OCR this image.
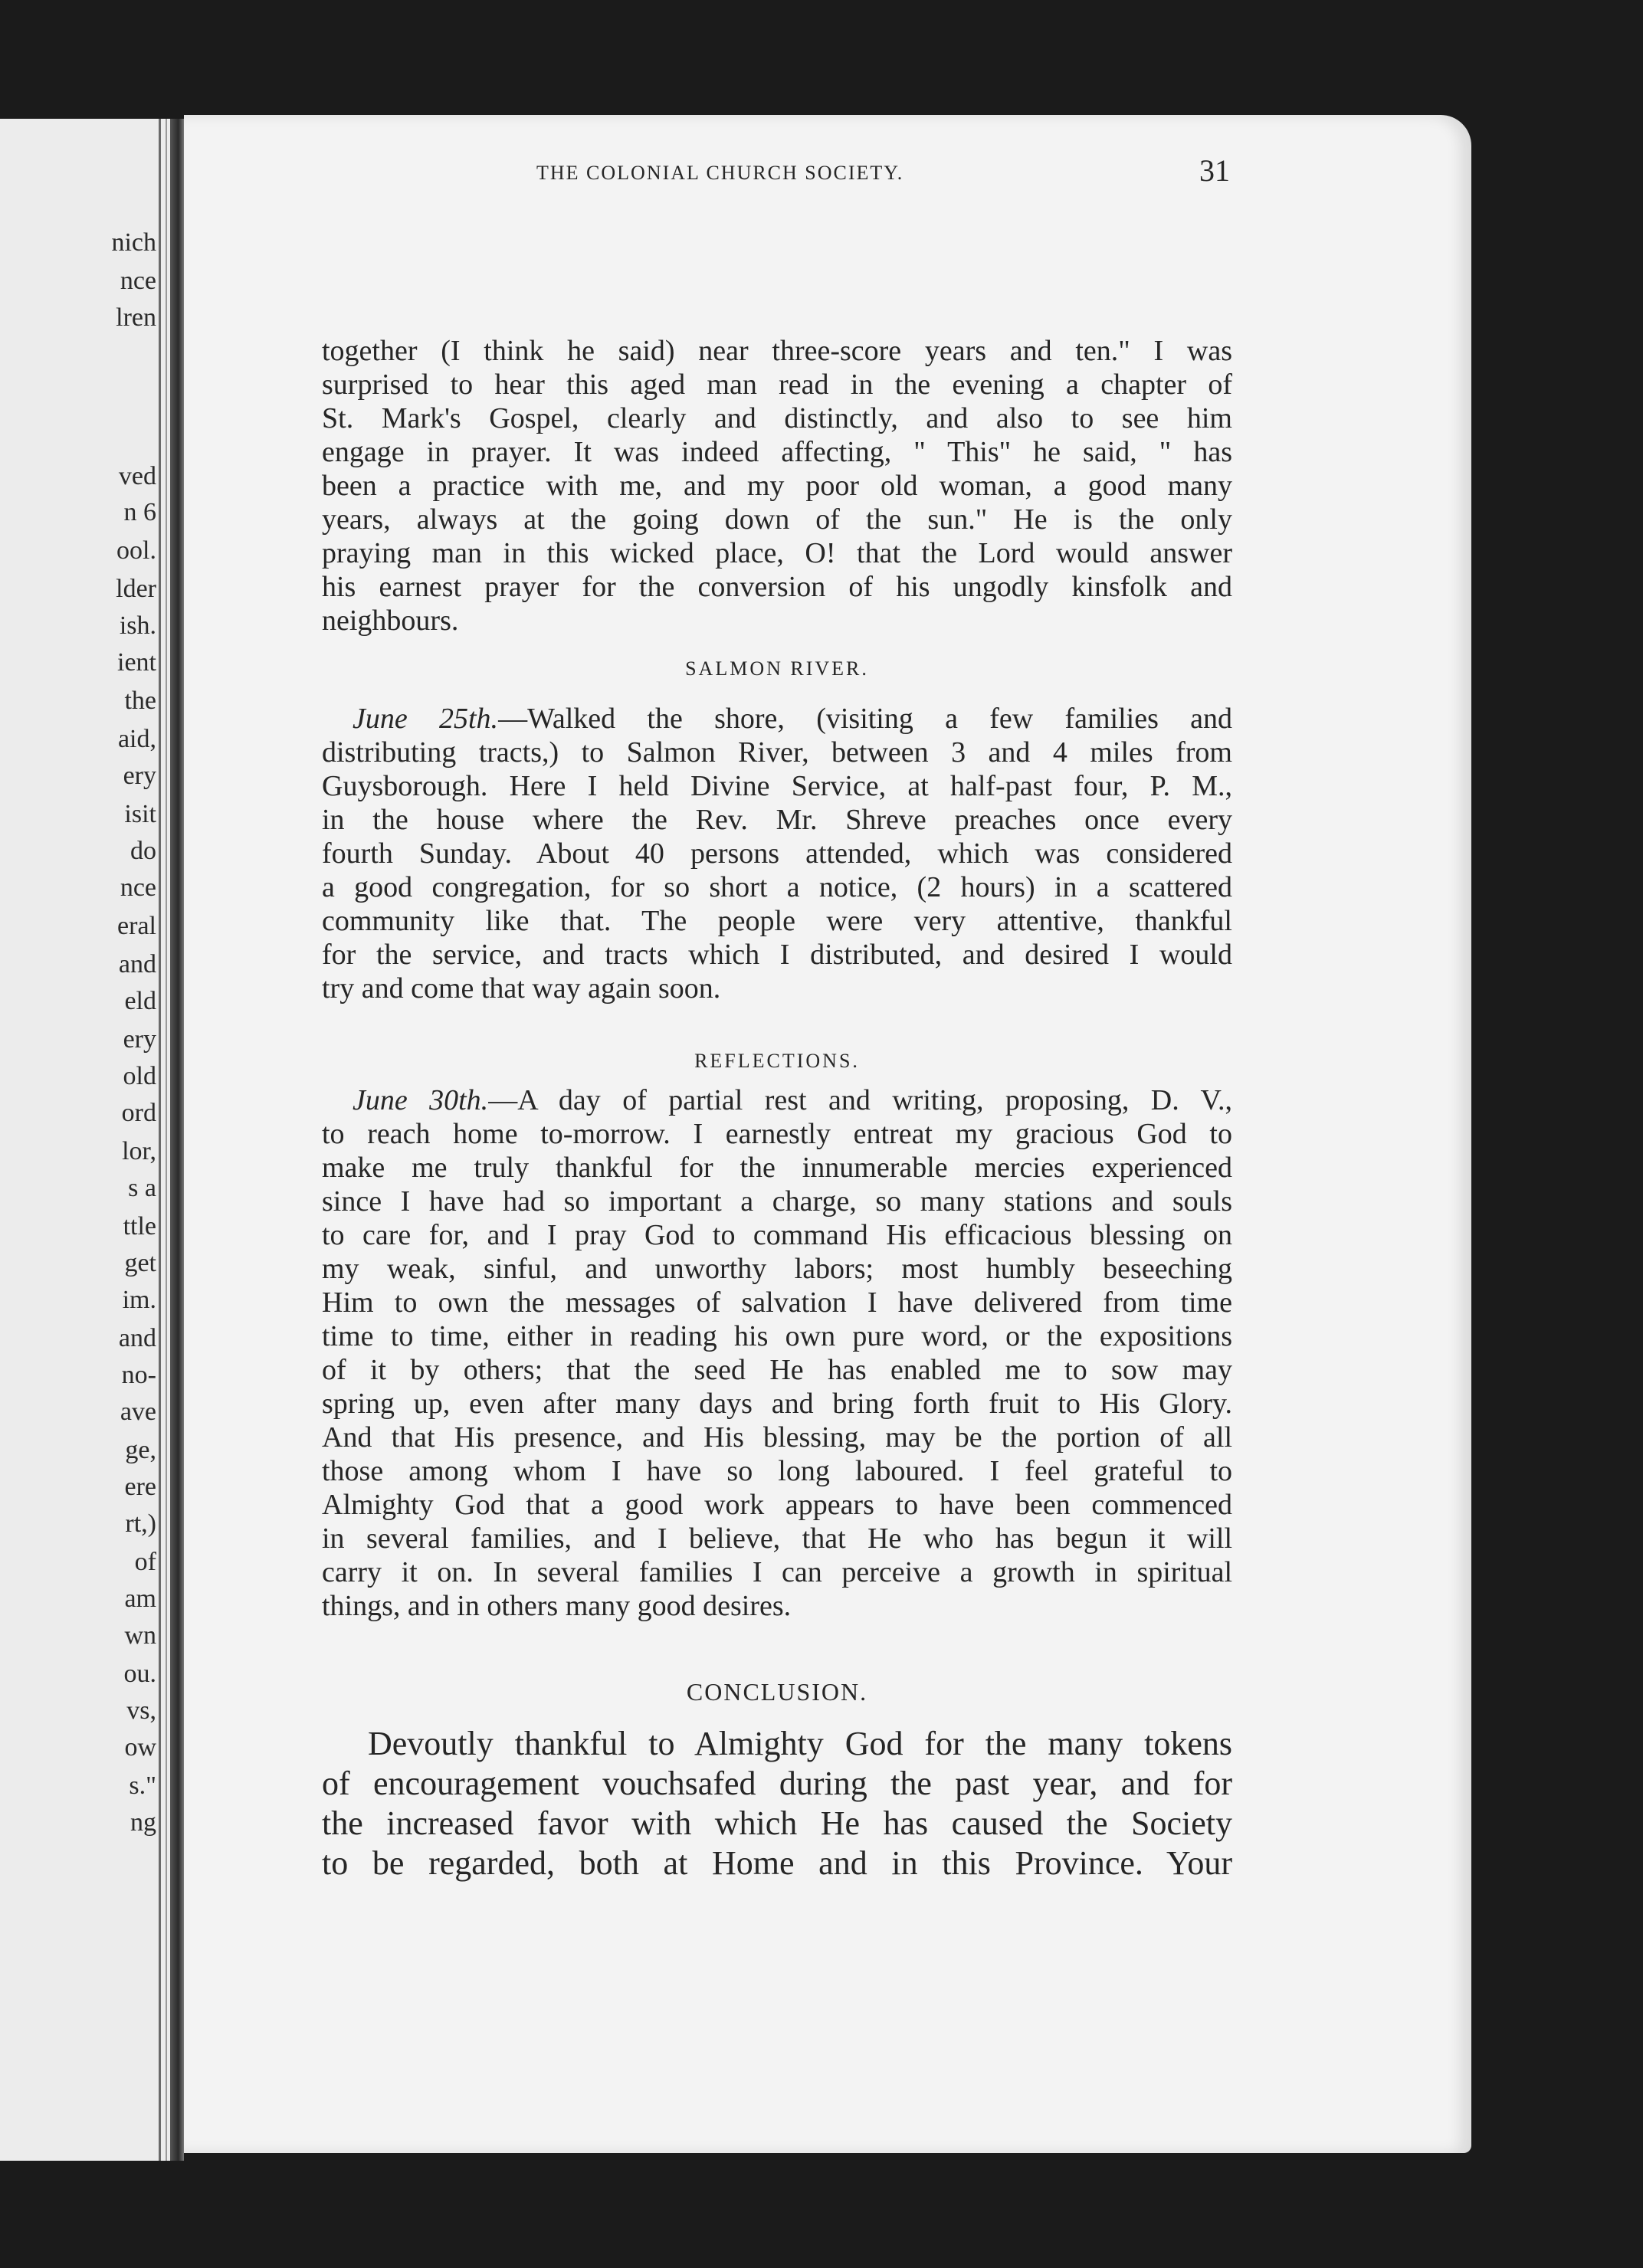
nich
nce
lren
ved
n 6
ool.
lder
ish.
ient
the
aid,
ery
isit
do
nce
eral
and
eld
ery
old
ord
lor,
s a
ttle
get
im.
and
no-
ave
ge,
ere
rt,)
of
am
wn
ou.
vs,
ow
s."
ng
THE COLONIAL CHURCH SOCIETY.	31
together (I think he said) near three-score years and ten." I was
surprised to hear this aged man read in the evening a chapter of
St. Mark's Gospel, clearly and distinctly, and also to see him
engage in prayer. It was indeed affecting, " This" he said, " has
been a practice with me, and my poor old woman, a good many
years, always at the going down of the sun." He is the only
praying man in this wicked place, O! that the Lord would answer
his earnest prayer for the conversion of his ungodly kinsfolk and
neighbours.
SALMON RIVER.
June 25th.—Walked the shore, (visiting a few families and
distributing tracts,) to Salmon River, between 3 and 4 miles from
Guysborough. Here I held Divine Service, at half-past four, P. M.,
in the house where the Rev. Mr. Shreve preaches once every
fourth Sunday. About 40 persons attended, which was considered
a good congregation, for so short a notice, (2 hours) in a scattered
community like that. The people were very attentive, thankful
for the service, and tracts which I distributed, and desired I would
try and come that way again soon.
REFLECTIONS.
June 30th.—A day of partial rest and writing, proposing, D. V.,
to reach home to-morrow. I earnestly entreat my gracious God to
make me truly thankful for the innumerable mercies experienced
since I have had so important a charge, so many stations and souls
to care for, and I pray God to command His efficacious blessing on
my weak, sinful, and unworthy labors; most humbly beseeching
Him to own the messages of salvation I have delivered from time
time to time, either in reading his own pure word, or the expositions
of it by others; that the seed He has enabled me to sow may
spring up, even after many days and bring forth fruit to His Glory.
And that His presence, and His blessing, may be the portion of all
those among whom I have so long laboured. I feel grateful to
Almighty God that a good work appears to have been commenced
in several families, and I believe, that He who has begun it will
carry it on. In several families I can perceive a growth in spiritual
things, and in others many good desires.
CONCLUSION.
Devoutly thankful to Almighty God for the many tokens
of encouragement vouchsafed during the past year, and for
the increased favor with which He has caused the Society
to be regarded, both at Home and in this Province. Your
